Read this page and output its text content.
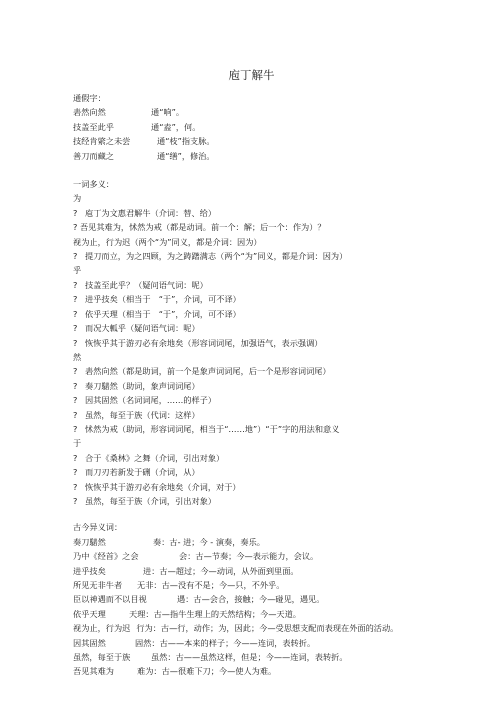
庖丁解牛
通假字：
砉然向然	通“响”。
技盖至此乎	通“盍”，何。
技经肯綮之未尝	通“枝”指支脉。
善刀而藏之	通“缮”，修治。
一词多义：
为
? 庖丁为文惠君解牛（介词：替、给）
? 吾见其难为，怵然为戒（都是动词。前一个：解；后一个：作为）？
视为止，行为迟（两个“为”同义，都是介词：因为）
? 提刀而立，为之四顾，为之踌躇满志（两个“为”同义，都是介词：因为）
乎
? 技盖至此乎？（疑问语气词：呢）
? 进乎技矣（相当于　“于”，介词，可不译）
? 依乎天理（相当于　“于”，介词，可不译）
? 而况大軱乎（疑问语气词：呢）
? 恢恢乎其于游刃必有余地矣（形容词词尾，加强语气，表示强调）
然
? 砉然向然（都是助词，前一个是象声词词尾，后一个是形容词词尾）
? 奏刀騞然（助词，象声词词尾）
? 因其固然（名词词尾，……的样子）
? 虽然，每至于族（代词：这样）
? 怵然为戒（助词，形容词词尾，相当于“……地”）“于”字的用法和意义
于
? 合于《桑林》之舞（介词，引出对象）
? 而刀刃若新发于硎（介词，从）
? 恢恢乎其于游刃必有余地矣（介词，对于）
? 虽然，每至于族（介词，引出对象）
古今异义词：
奏刀騞然	奏：古- 进；今 - 演奏，奏乐。
乃中《经首》之会	会：古—节奏；今—表示能力，会议。
进乎技矣	进：古—超过；今—动词，从外面到里面。
所见无非牛者 无非：古—没有不是；今—只，不外乎。
臣以神遇而不以目视	遇：古—会合，接触；今—碰见，遇见。
依乎天理	天理：古—指牛生理上的天然结构；今—天道。
视为止，行为迟 行为：古—行，动作；为，因此；今—受思想支配而表现在外面的活动。
因其固然	固然：古——本来的样子；今——连词，表转折。
虽然，每至于族	虽然：古——虽然这样，但是；今——连词，表转折。
吾见其难为	难为：古—很难下刀；今—使人为难。
